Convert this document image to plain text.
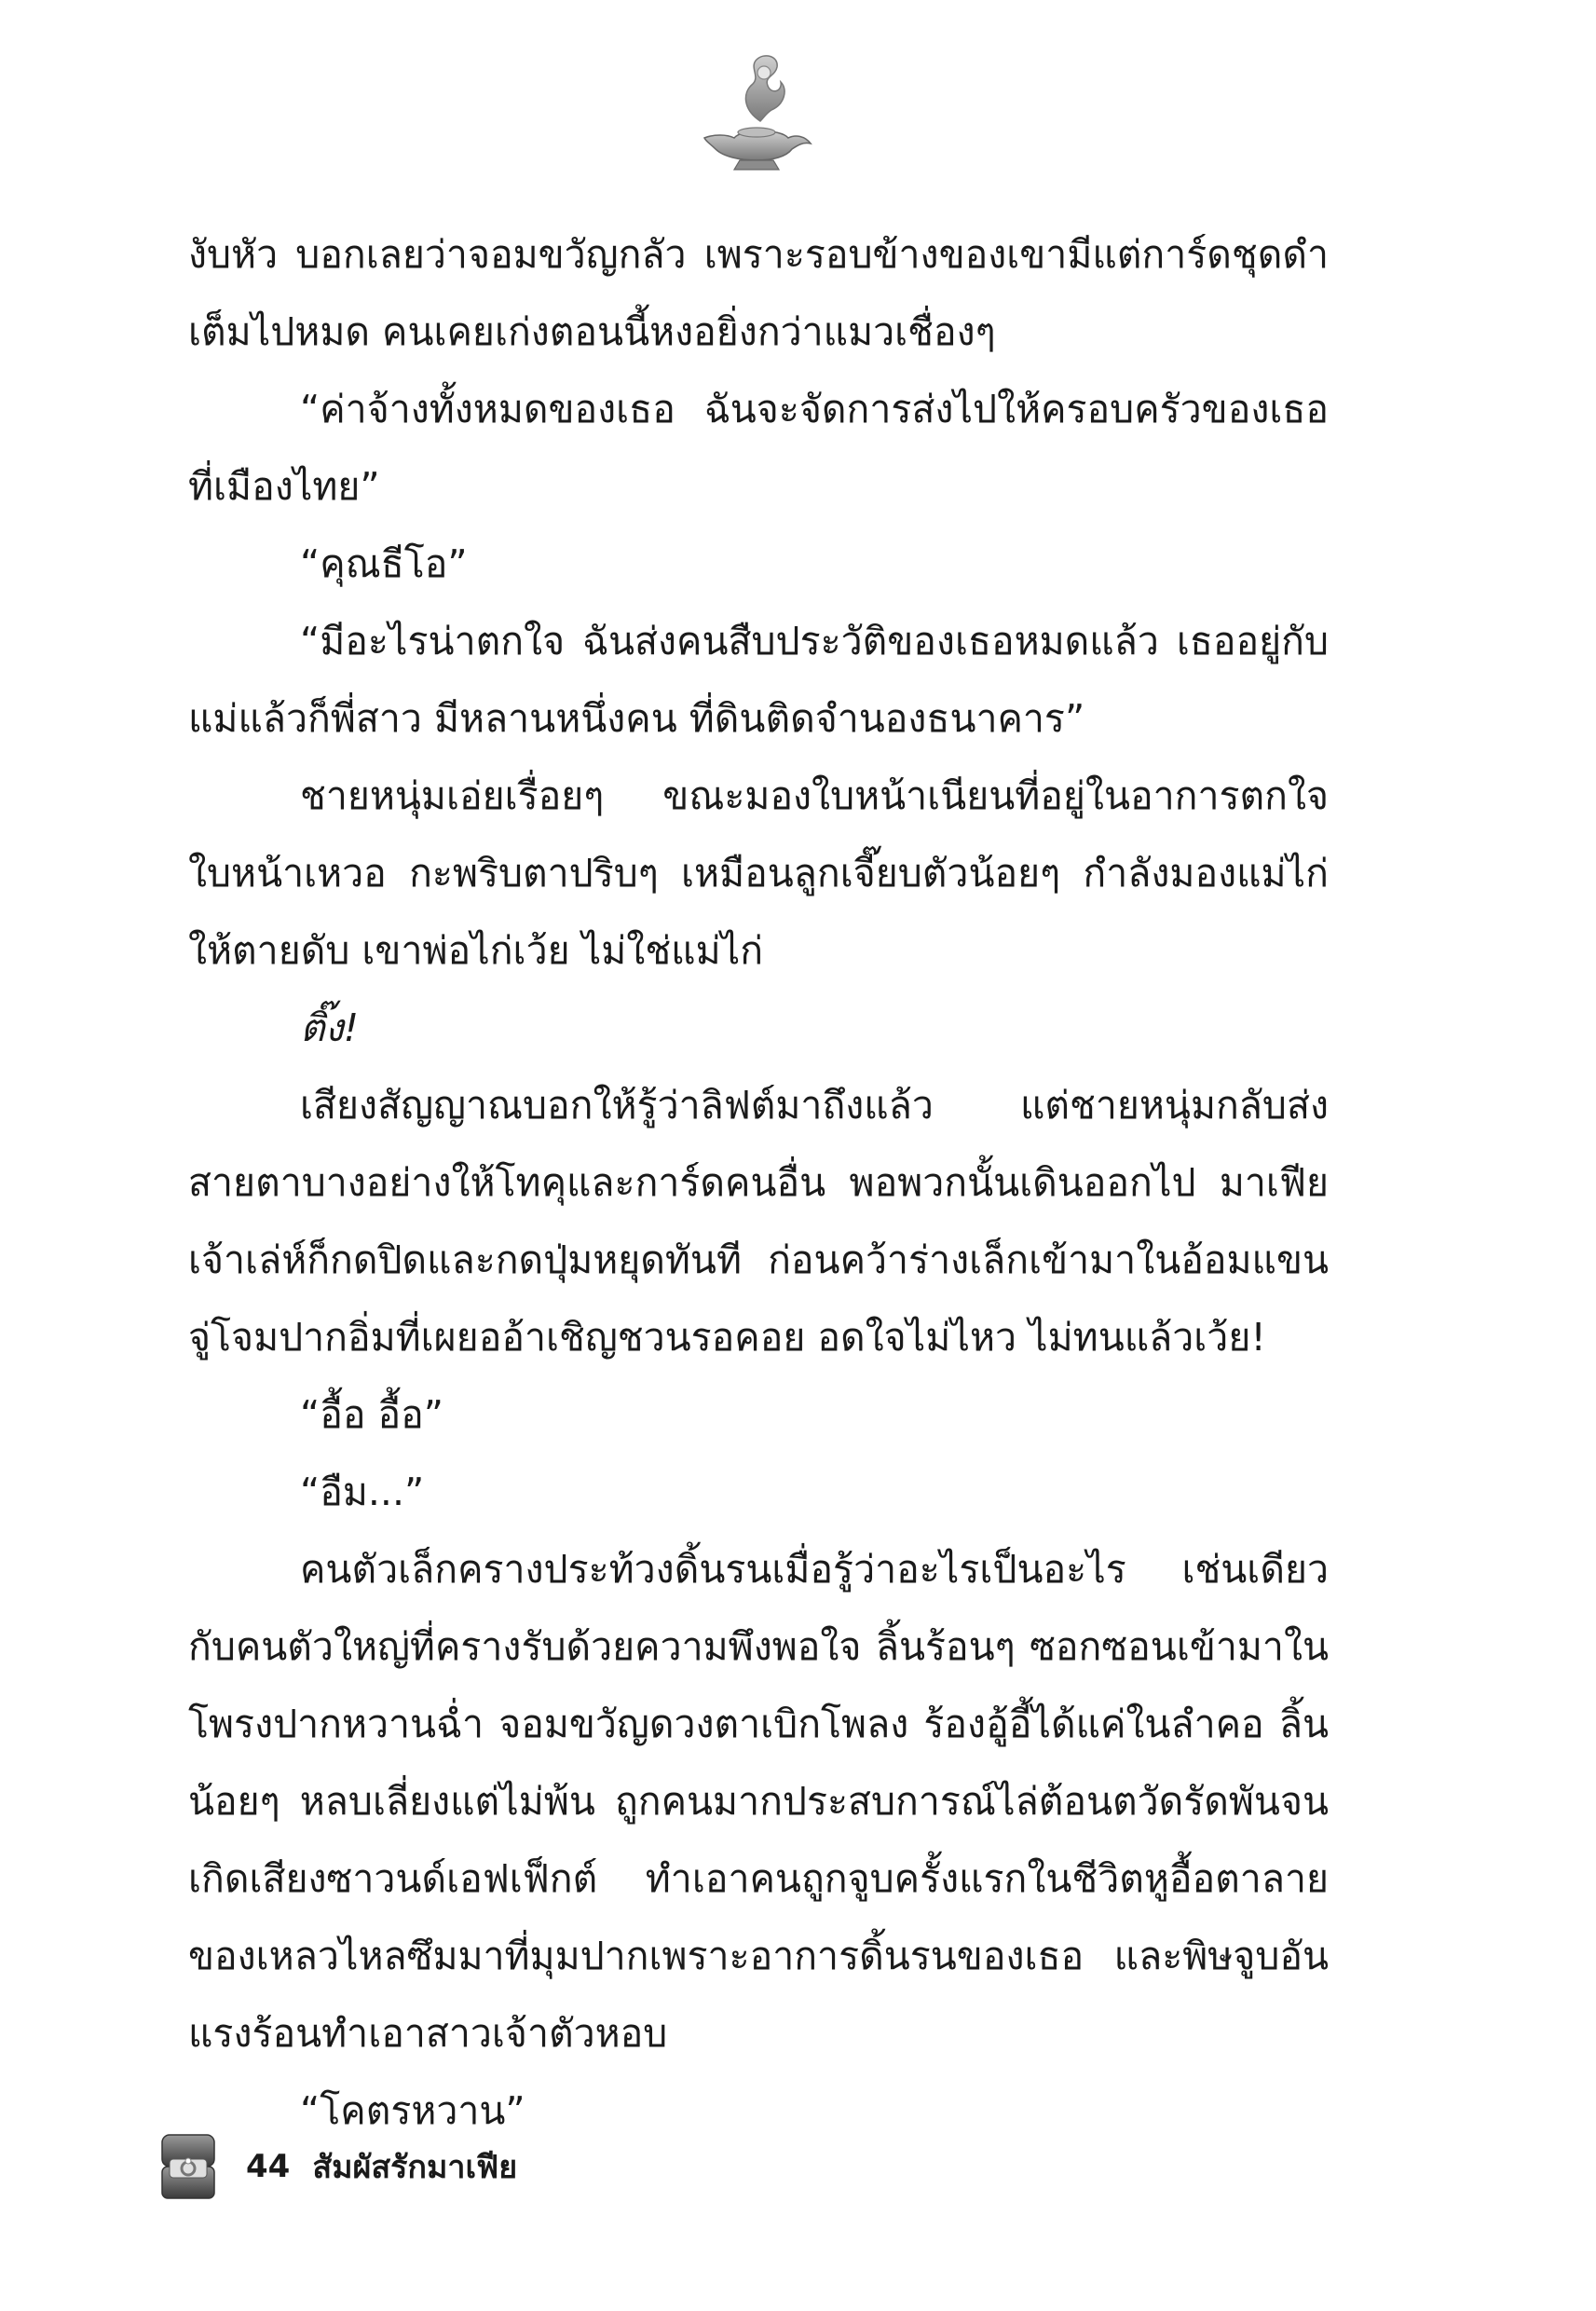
งับหัว บอกเลยว่าจอมขวัญกลัว เพราะรอบข้างของเขามีแต่การ์ดชุดดำ เต็มไปหมด คนเคยเก่งตอนนี้หงอยิ่งกว่าแมวเชื่องๆ

“ค่าจ้างทั้งหมดของเธอ ฉันจะจัดการส่งไปให้ครอบครัวของเธอที่เมืองไทย”

“คุณธีโอ”

“มีอะไรน่าตกใจ ฉันส่งคนสืบประวัติของเธอหมดแล้ว เธออยู่กับแม่แล้วก็พี่สาว มีหลานหนึ่งคน ที่ดินติดจำนองธนาคาร”

ชายหนุ่มเอ่ยเรื่อยๆ ขณะมองใบหน้าเนียนที่อยู่ในอาการตกใจ ใบหน้าเหวอ กะพริบตาปริบๆ เหมือนลูกเจี๊ยบตัวน้อยๆ กำลังมองแม่ไก่ ให้ตายดับ เขาพ่อไก่เว้ย ไม่ใช่แม่ไก่

ติ๊ง!

เสียงสัญญาณบอกให้รู้ว่าลิฟต์มาถึงแล้ว แต่ชายหนุ่มกลับส่งสายตาบางอย่างให้โทคุและการ์ดคนอื่น พอพวกนั้นเดินออกไป มาเฟียเจ้าเล่ห์ก็กดปิดและกดปุ่มหยุดทันที ก่อนคว้าร่างเล็กเข้ามาในอ้อมแขน จู่โจมปากอิ่มที่เผยออ้าเชิญชวนรอคอย อดใจไม่ไหว ไม่ทนแล้วเว้ย!

“อื้อ อื้อ”

“อืม...”

คนตัวเล็กครางประท้วงดิ้นรนเมื่อรู้ว่าอะไรเป็นอะไร เช่นเดียวกับคนตัวใหญ่ที่ครางรับด้วยความพึงพอใจ ลิ้นร้อนๆ ซอกซอนเข้ามาในโพรงปากหวานฉ่ำ จอมขวัญดวงตาเบิกโพลง ร้องอู้อี้ได้แค่ในลำคอ ลิ้นน้อยๆ หลบเลี่ยงแต่ไม่พ้น ถูกคนมากประสบการณ์ไล่ต้อนตวัดรัดพันจนเกิดเสียงซาวนด์เอฟเฟ็กต์ ทำเอาคนถูกจูบครั้งแรกในชีวิตหูอื้อตาลาย ของเหลวไหลซึมมาที่มุมปากเพราะอาการดิ้นรนของเธอ และพิษจูบอันแรงร้อนทำเอาสาวเจ้าตัวหอบ

“โคตรหวาน”

44 สัมผัสรักมาเฟีย
